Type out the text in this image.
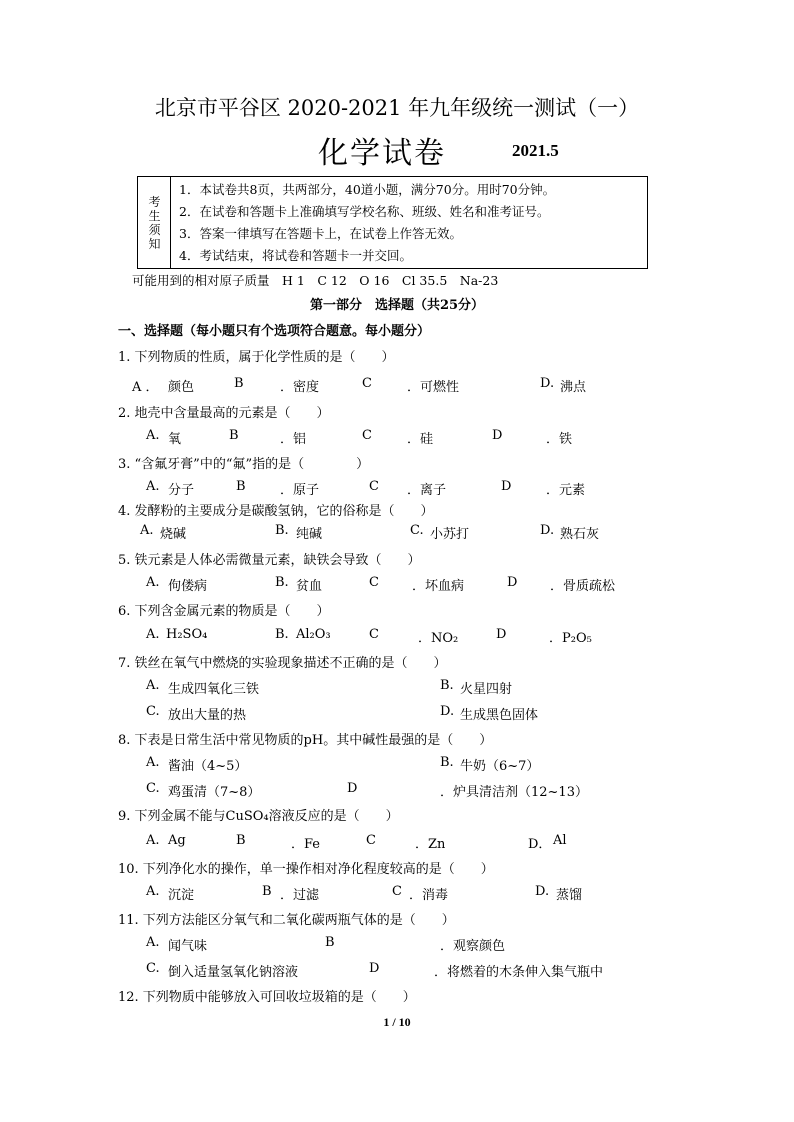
北京市平谷区 2020-2021 年九年级统一测试（一）
化学试卷	2021.5
考
生
须
知
1．本试卷共8页，共两部分，40道小题，满分70分。用时70分钟。
2．在试卷和答题卡上准确填写学校名称、班级、姓名和准考证号。
3．答案一律填写在答题卡上，在试卷上作答无效。
4．考试结束，将试卷和答题卡一并交回。
可能用到的相对原子质量　H 1　C 12　O 16　Cl 35.5　Na-23
第一部分　选择题（共25分）
一、选择题（每小题只有个选项符合题意。每小题分）
1. 下列物质的性质，属于化学性质的是（　　）
A ． 颜色	B	．密度	C	．可燃性	D. 沸点
2. 地壳中含量最高的元素是（　　）
A. 氧	B	．铝	C	．硅	D	．铁
3. “含氟牙膏”中的“氟”指的是（　　　　）
A. 分子	B	．原子	C ．离子	D	．元素
4. 发酵粉的主要成分是碳酸氢钠，它的俗称是（　　）
A. 烧碱	B. 纯碱	C. 小苏打	D. 熟石灰
5. 铁元素是人体必需微量元素，缺铁会导致（　　）
A. 佝偻病	B. 贫血	C	．坏血病	D	．骨质疏松
6. 下列含金属元素的物质是（　　）
A. H₂SO₄	B. Al₂O₃	C	．NO₂	D	．P₂O₅
7. 铁丝在氧气中燃烧的实验现象描述不正确的是（　　）
A. 生成四氧化三铁	B. 火星四射
C. 放出大量的热	D. 生成黑色固体
8. 下表是日常生活中常见物质的pH。其中碱性最强的是（　　）
A. 酱油（4~5）	B. 牛奶（6~7）
C. 鸡蛋清（7~8）	D	．炉具清洁剂（12~13）
9. 下列金属不能与CuSO₄溶液反应的是（　　）
A. Ag	B	．Fe	C	．Zn	D． Al
10. 下列净化水的操作，单一操作相对净化程度较高的是（　　）
A. 沉淀	B ．过滤	C ．消毒	D. 蒸馏
11. 下列方法能区分氧气和二氧化碳两瓶气体的是（　　）
A. 闻气味	B	．观察颜色
C. 倒入适量氢氧化钠溶液	D	．将燃着的木条伸入集气瓶中
12. 下列物质中能够放入可回收垃圾箱的是（　　）
1 / 10
